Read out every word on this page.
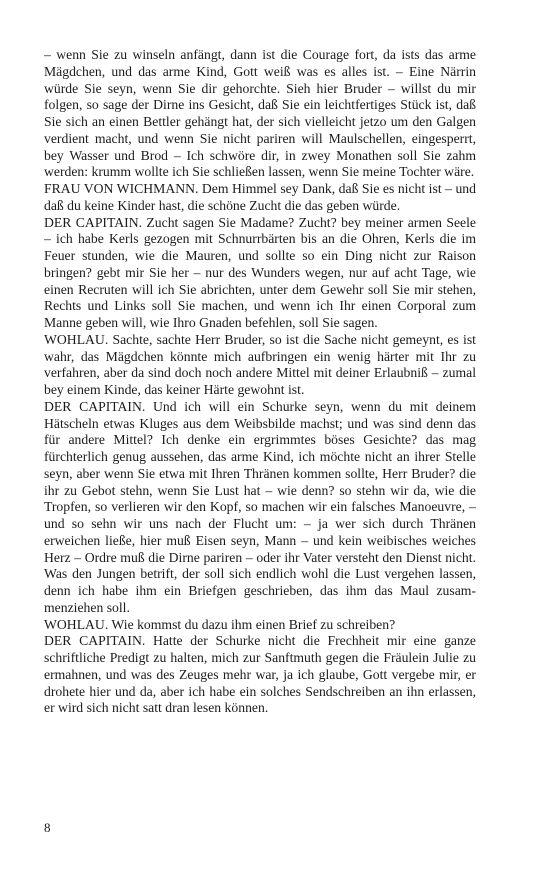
– wenn Sie zu winseln anfängt, dann ist die Courage fort, da ists das arme Mägdchen, und das arme Kind, Gott weiß was es alles ist. – Eine Närrin würde Sie seyn, wenn Sie dir gehorchte. Sieh hier Bruder – willst du mir folgen, so sage der Dirne ins Gesicht, daß Sie ein leichtfertiges Stück ist, daß Sie sich an einen Bettler gehängt hat, der sich vielleicht jetzo um den Galgen verdient macht, und wenn Sie nicht pariren will Maulschellen, eingesperrt, bey Wasser und Brod – Ich schwöre dir, in zwey Monathen soll Sie zahm werden: krumm wollte ich Sie schließen lassen, wenn Sie meine Tochter wäre.

FRAU VON WICHMANN. Dem Himmel sey Dank, daß Sie es nicht ist – und daß du keine Kinder hast, die schöne Zucht die das geben würde.

DER CAPITAIN. Zucht sagen Sie Madame? Zucht? bey meiner armen Seele – ich habe Kerls gezogen mit Schnurrbärten bis an die Ohren, Kerls die im Feuer stunden, wie die Mauren, und sollte so ein Ding nicht zur Raison bringen? gebt mir Sie her – nur des Wunders wegen, nur auf acht Tage, wie einen Recruten will ich Sie abrichten, unter dem Gewehr soll Sie mir stehen, Rechts und Links soll Sie machen, und wenn ich Ihr einen Corporal zum Manne geben will, wie Ihro Gnaden befehlen, soll Sie sagen.

WOHLAU. Sachte, sachte Herr Bruder, so ist die Sache nicht gemeynt, es ist wahr, das Mägdchen könnte mich aufbringen ein wenig härter mit Ihr zu verfahren, aber da sind doch noch andere Mittel mit deiner Erlaubniß – zumal bey einem Kinde, das keiner Härte gewohnt ist.

DER CAPITAIN. Und ich will ein Schurke seyn, wenn du mit deinem Hätscheln etwas Kluges aus dem Weibsbilde machst; und was sind denn das für andere Mittel? Ich denke ein ergrimmtes böses Gesichte? das mag fürchterlich genug aussehen, das arme Kind, ich möchte nicht an ihrer Stelle seyn, aber wenn Sie etwa mit Ihren Thränen kommen sollte, Herr Bruder? die ihr zu Gebot stehn, wenn Sie Lust hat – wie denn? so stehn wir da, wie die Tropfen, so verlieren wir den Kopf, so machen wir ein falsches Manoeuvre, – und so sehn wir uns nach der Flucht um: – ja wer sich durch Thränen erweichen ließe, hier muß Eisen seyn, Mann – und kein weibisches weiches Herz – Ordre muß die Dirne pariren – oder ihr Vater versteht den Dienst nicht. Was den Jungen betrift, der soll sich endlich wohl die Lust vergehen lassen, denn ich habe ihm ein Briefgen geschrieben, das ihm das Maul zusammenziehen soll.

WOHLAU. Wie kommst du dazu ihm einen Brief zu schreiben?

DER CAPITAIN. Hatte der Schurke nicht die Frechheit mir eine ganze schriftliche Predigt zu halten, mich zur Sanftmuth gegen die Fräulein Julie zu ermahnen, und was des Zeuges mehr war, ja ich glaube, Gott vergebe mir, er drohete hier und da, aber ich habe ein solches Sendschreiben an ihn erlassen, er wird sich nicht satt dran lesen können.

8
